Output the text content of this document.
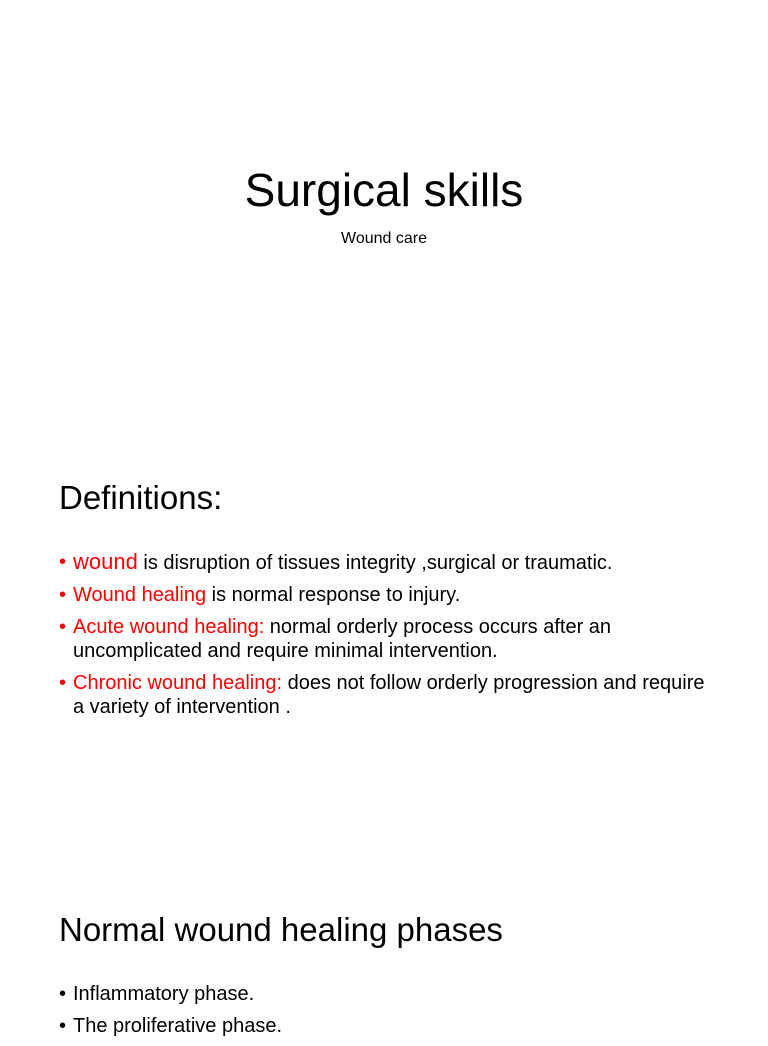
Surgical skills

Wound care

Definitions:
• wound is disruption of tissues integrity ,surgical or traumatic.
• Wound healing is normal response to injury.
• Acute wound healing: normal orderly process occurs after an uncomplicated and require minimal intervention.
• Chronic wound healing: does not follow orderly progression and require a variety of intervention .
Normal wound healing phases
• Inflammatory phase.
• The proliferative phase.
